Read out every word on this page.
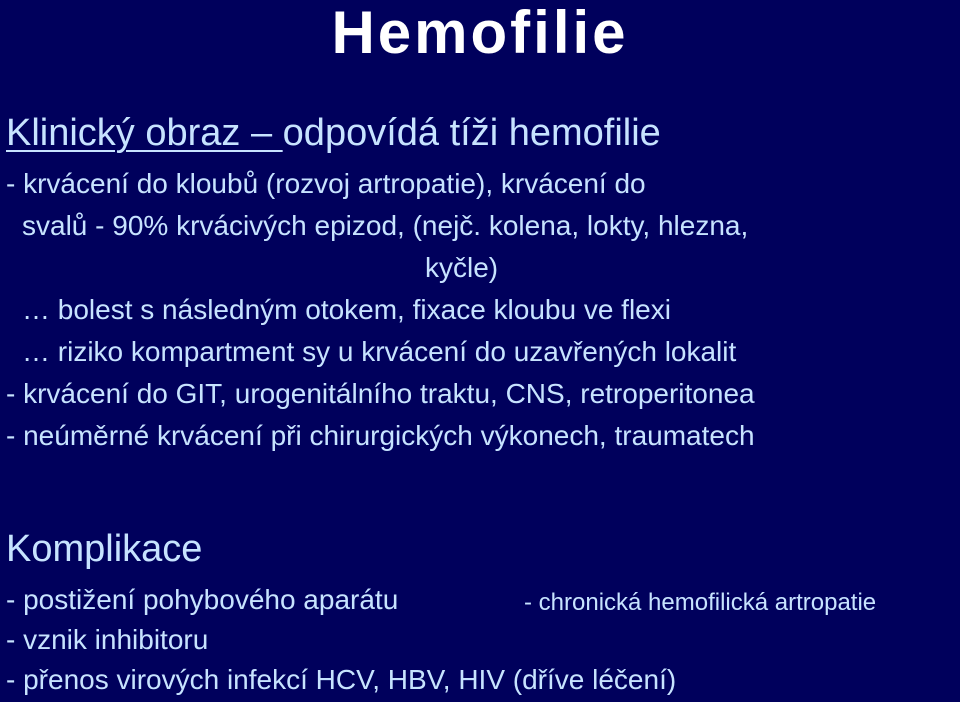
Hemofilie
Klinický obraz – odpovídá tíži hemofilie
- krvácení do kloubů (rozvoj artropatie), krvácení do
svalů - 90% krvácivých epizod, (nejč. kolena, lokty, hlezna,
kyčle)
… bolest s následným otokem, fixace kloubu ve flexi
… riziko kompartment sy u krvácení do uzavřených lokalit
- krvácení do GIT, urogenitálního traktu, CNS, retroperitonea
- neúměrné krvácení při chirurgických výkonech, traumatech
Komplikace
- postižení pohybového aparátu	- chronická hemofilická artropatie
- vznik inhibitoru
- přenos virových infekcí HCV, HBV, HIV (dříve léčení)
